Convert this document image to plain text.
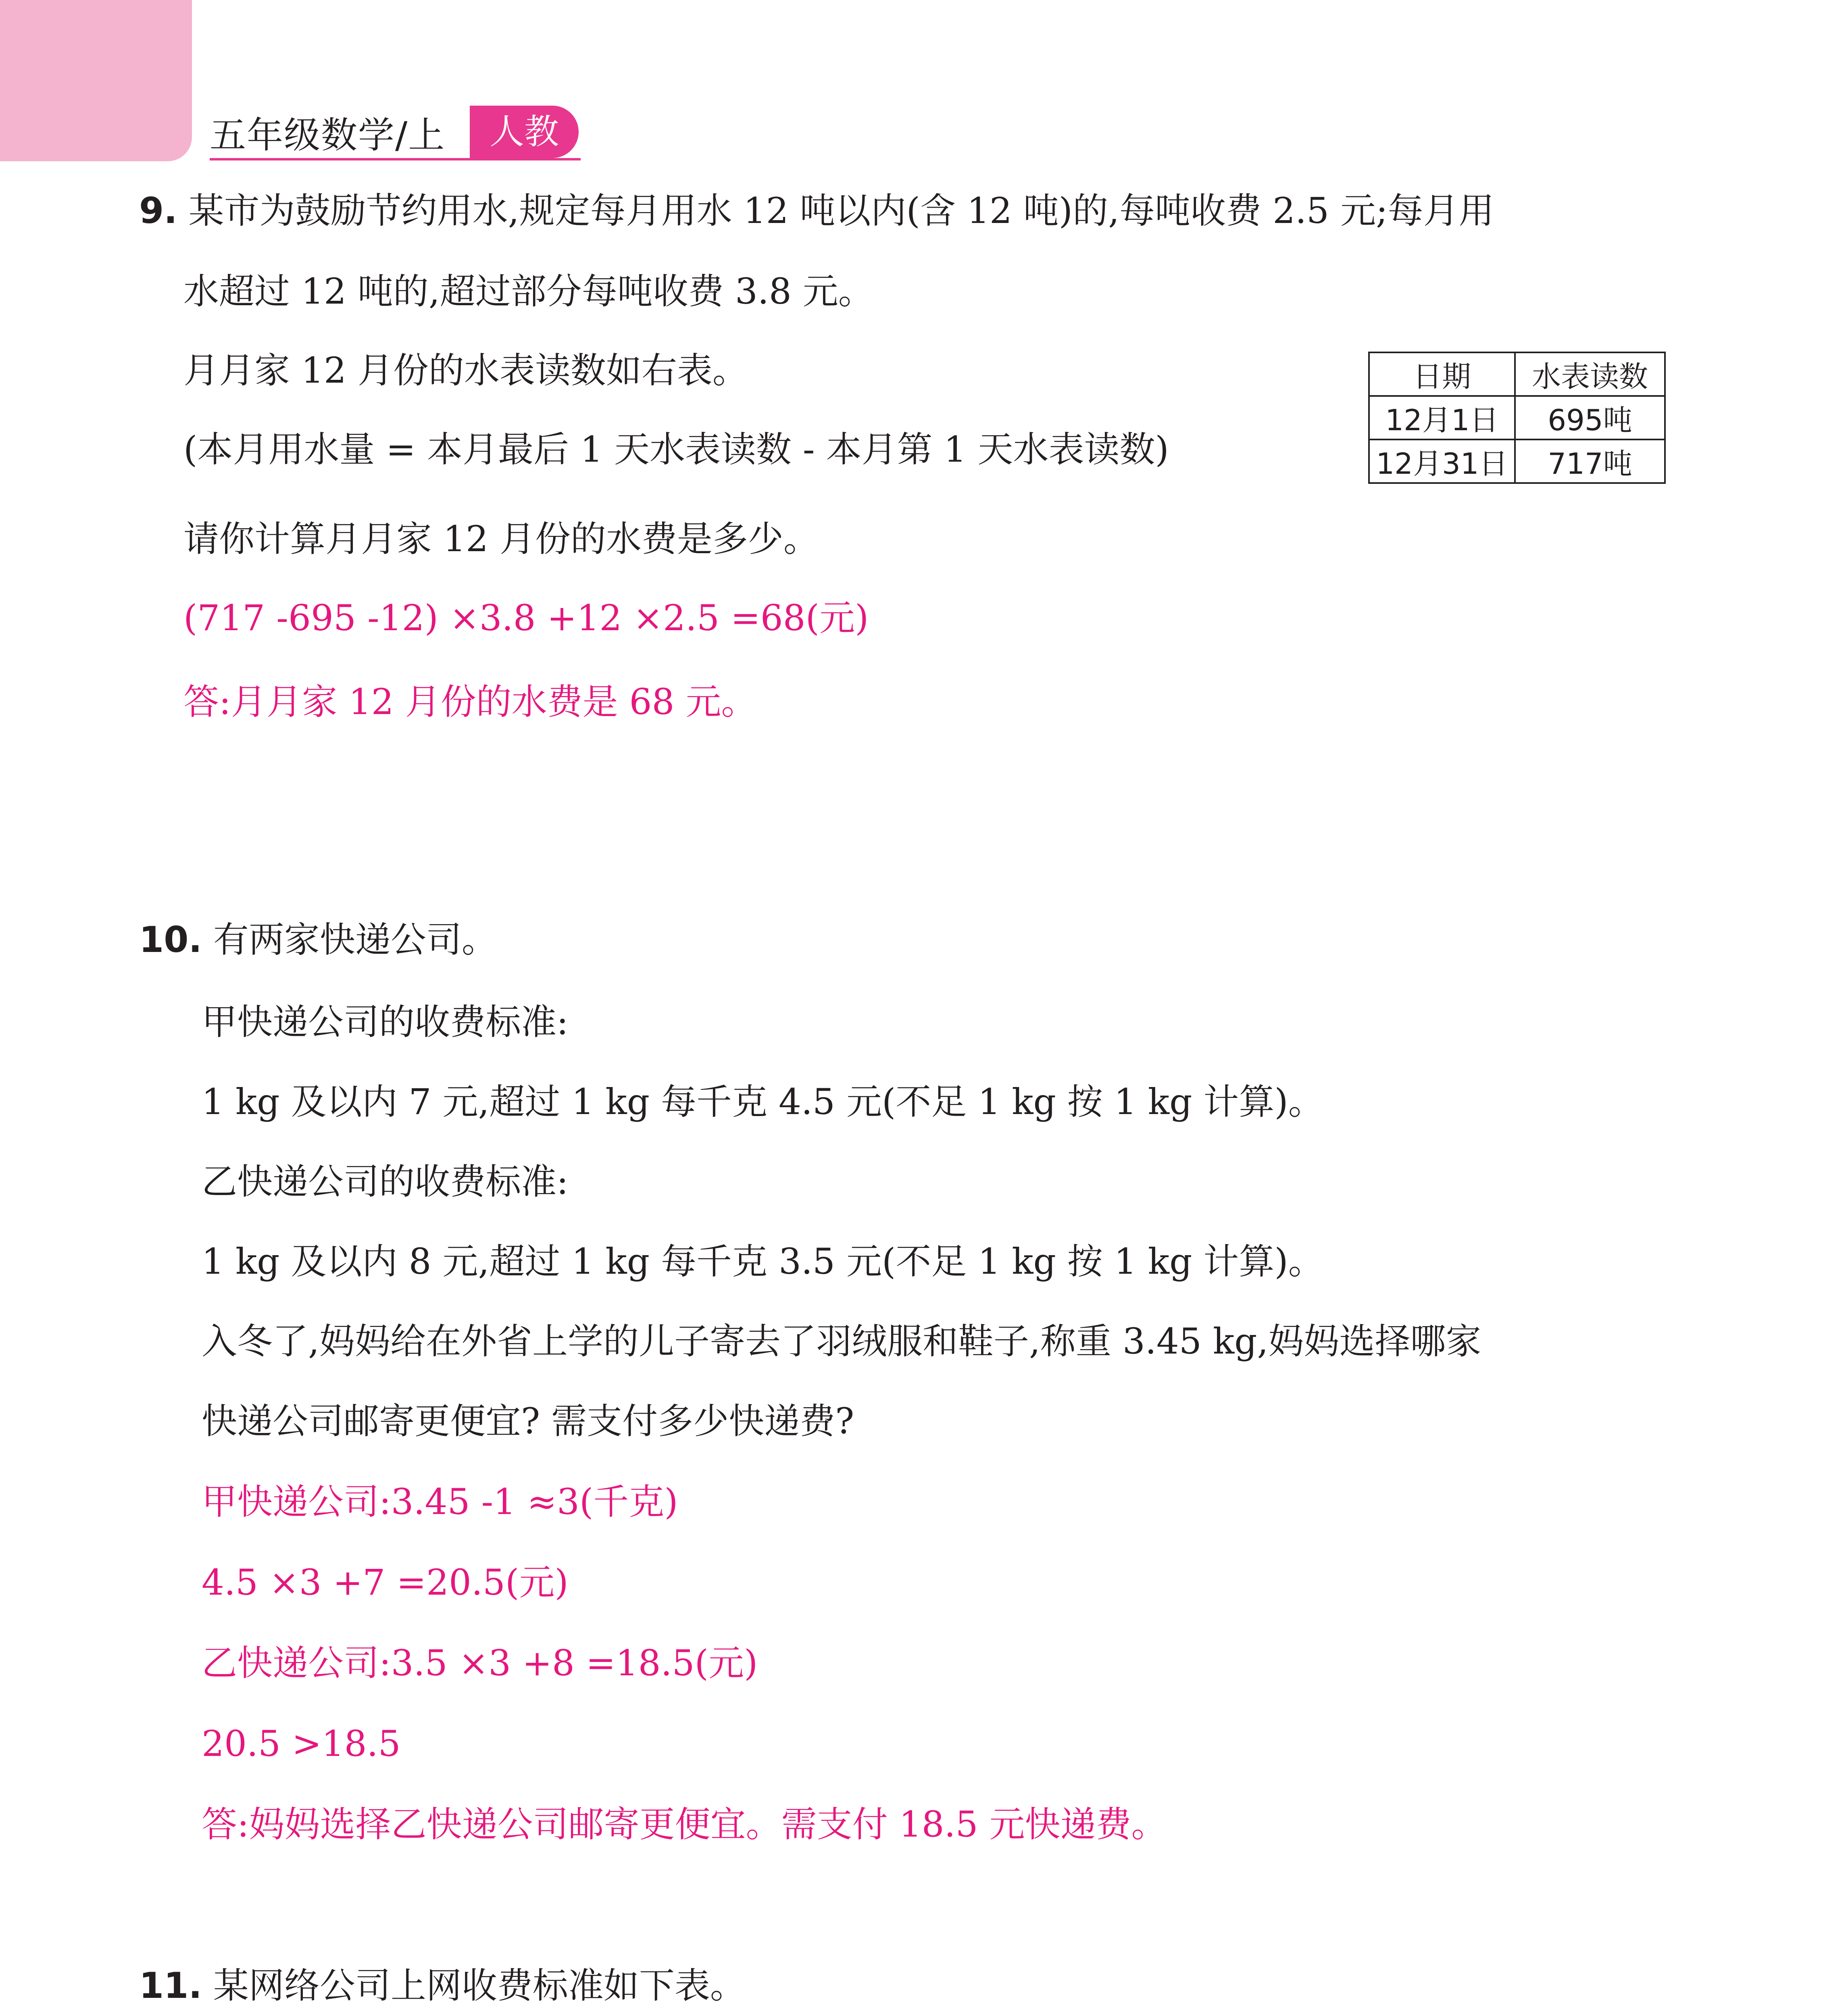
五年级数学/上	人教
9. 某市为鼓励节约用水,规定每月用水 12 吨以内(含 12 吨)的,每吨收费 2.5 元;每月用
水超过 12 吨的,超过部分每吨收费 3.8 元。
月月家 12 月份的水表读数如右表。
(本月用水量 = 本月最后 1 天水表读数 - 本月第 1 天水表读数)
日期	水表读数
12月1日	695吨
12月31日	717吨
请你计算月月家 12 月份的水费是多少。
(717 -695 -12) ×3.8 +12 ×2.5 =68(元)
答:月月家 12 月份的水费是 68 元。
10. 有两家快递公司。
甲快递公司的收费标准:
1 kg 及以内 7 元,超过 1 kg 每千克 4.5 元(不足 1 kg 按 1 kg 计算)。
乙快递公司的收费标准:
1 kg 及以内 8 元,超过 1 kg 每千克 3.5 元(不足 1 kg 按 1 kg 计算)。
入冬了,妈妈给在外省上学的儿子寄去了羽绒服和鞋子,称重 3.45 kg,妈妈选择哪家
快递公司邮寄更便宜? 需支付多少快递费?
甲快递公司:3.45 -1 ≈3(千克)
4.5 ×3 +7 =20.5(元)
乙快递公司:3.5 ×3 +8 =18.5(元)
20.5 >18.5
答:妈妈选择乙快递公司邮寄更便宜。需支付 18.5 元快递费。
11. 某网络公司上网收费标准如下表。
